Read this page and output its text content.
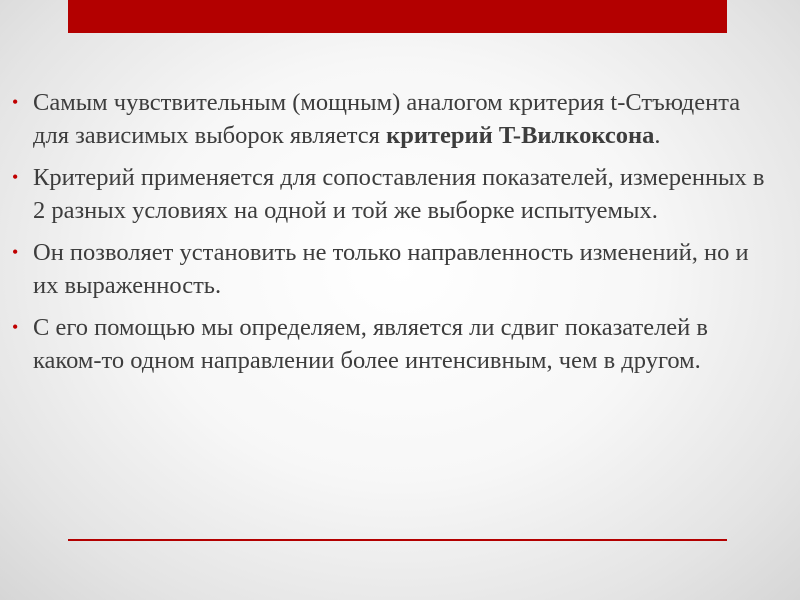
• Самым чувствительным (мощным) аналогом критерия t-Стъюдента для зависимых выборок является критерий T-Вилкоксона.
• Критерий применяется для сопоставления показателей, измеренных в 2 разных условиях на одной и той же выборке испытуемых.
• Он позволяет установить не только направленность изменений, но и их выраженность.
• С его помощью мы определяем, является ли сдвиг показателей в каком-то одном направлении более интенсивным, чем в другом.
